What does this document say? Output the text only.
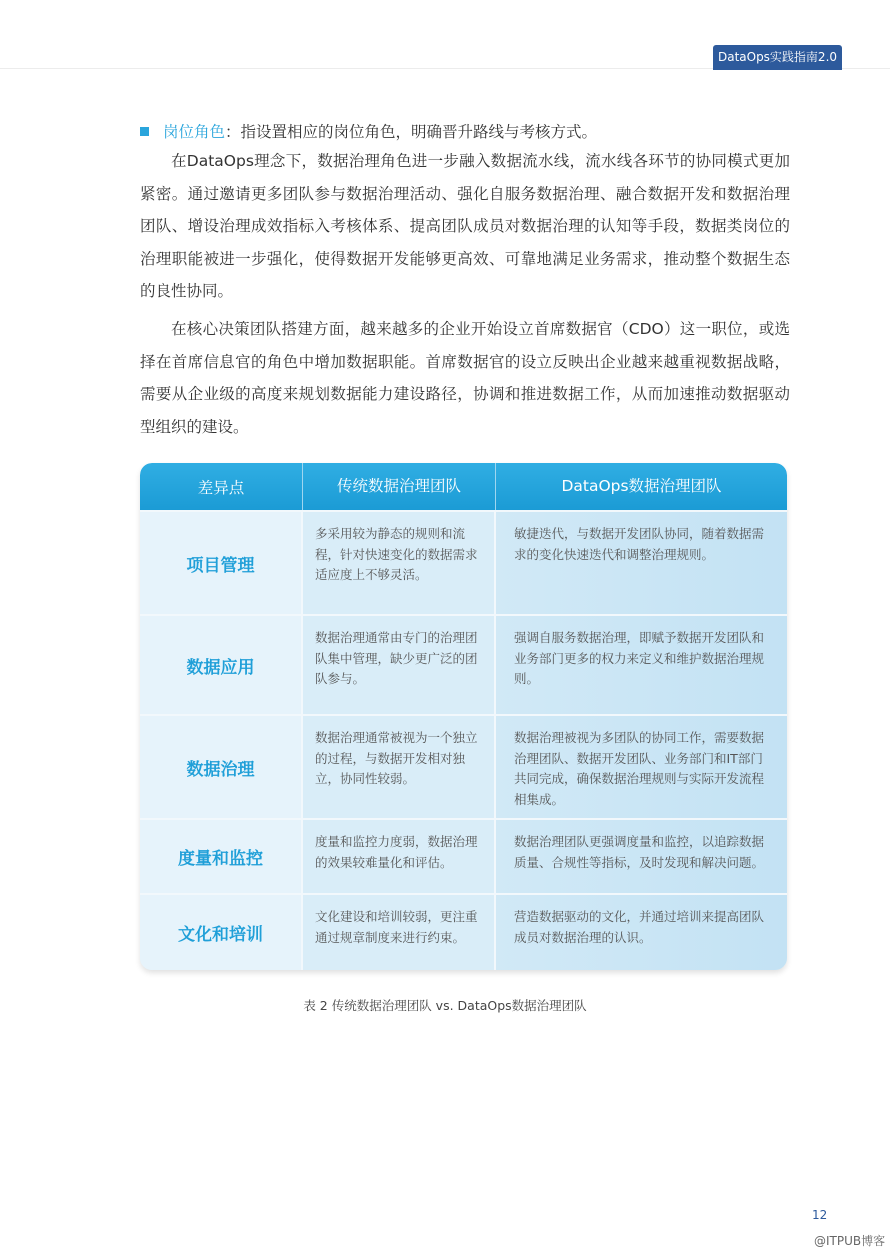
DataOps实践指南2.0
岗位角色：指设置相应的岗位角色，明确晋升路线与考核方式。

在DataOps理念下，数据治理角色进一步融入数据流水线，流水线各环节的协同模式更加紧密。通过邀请更多团队参与数据治理活动、强化自服务数据治理、融合数据开发和数据治理团队、增设治理成效指标入考核体系、提高团队成员对数据治理的认知等手段，数据类岗位的治理职能被进一步强化，使得数据开发能够更高效、可靠地满足业务需求，推动整个数据生态的良性协同。

在核心决策团队搭建方面，越来越多的企业开始设立首席数据官（CDO）这一职位，或选择在首席信息官的角色中增加数据职能。首席数据官的设立反映出企业越来越重视数据战略，需要从企业级的高度来规划数据能力建设路径，协调和推进数据工作，从而加速推动数据驱动型组织的建设。

差异点	传统数据治理团队	DataOps数据治理团队
项目管理
多采用较为静态的规则和流程，针对快速变化的数据需求适应度上不够灵活。
敏捷迭代，与数据开发团队协同，随着数据需求的变化快速迭代和调整治理规则。
数据应用
数据治理通常由专门的治理团队集中管理，缺少更广泛的团队参与。
强调自服务数据治理，即赋予数据开发团队和业务部门更多的权力来定义和维护数据治理规则。
数据治理
数据治理通常被视为一个独立的过程，与数据开发相对独立，协同性较弱。
数据治理被视为多团队的协同工作，需要数据治理团队、数据开发团队、业务部门和IT部门共同完成，确保数据治理规则与实际开发流程相集成。
度量和监控
度量和监控力度弱，数据治理的效果较难量化和评估。
数据治理团队更强调度量和监控，以追踪数据质量、合规性等指标，及时发现和解决问题。
文化和培训
文化建设和培训较弱，更注重通过规章制度来进行约束。
营造数据驱动的文化，并通过培训来提高团队成员对数据治理的认识。
表 2 传统数据治理团队 vs. DataOps数据治理团队
12
@ITPUB博客
